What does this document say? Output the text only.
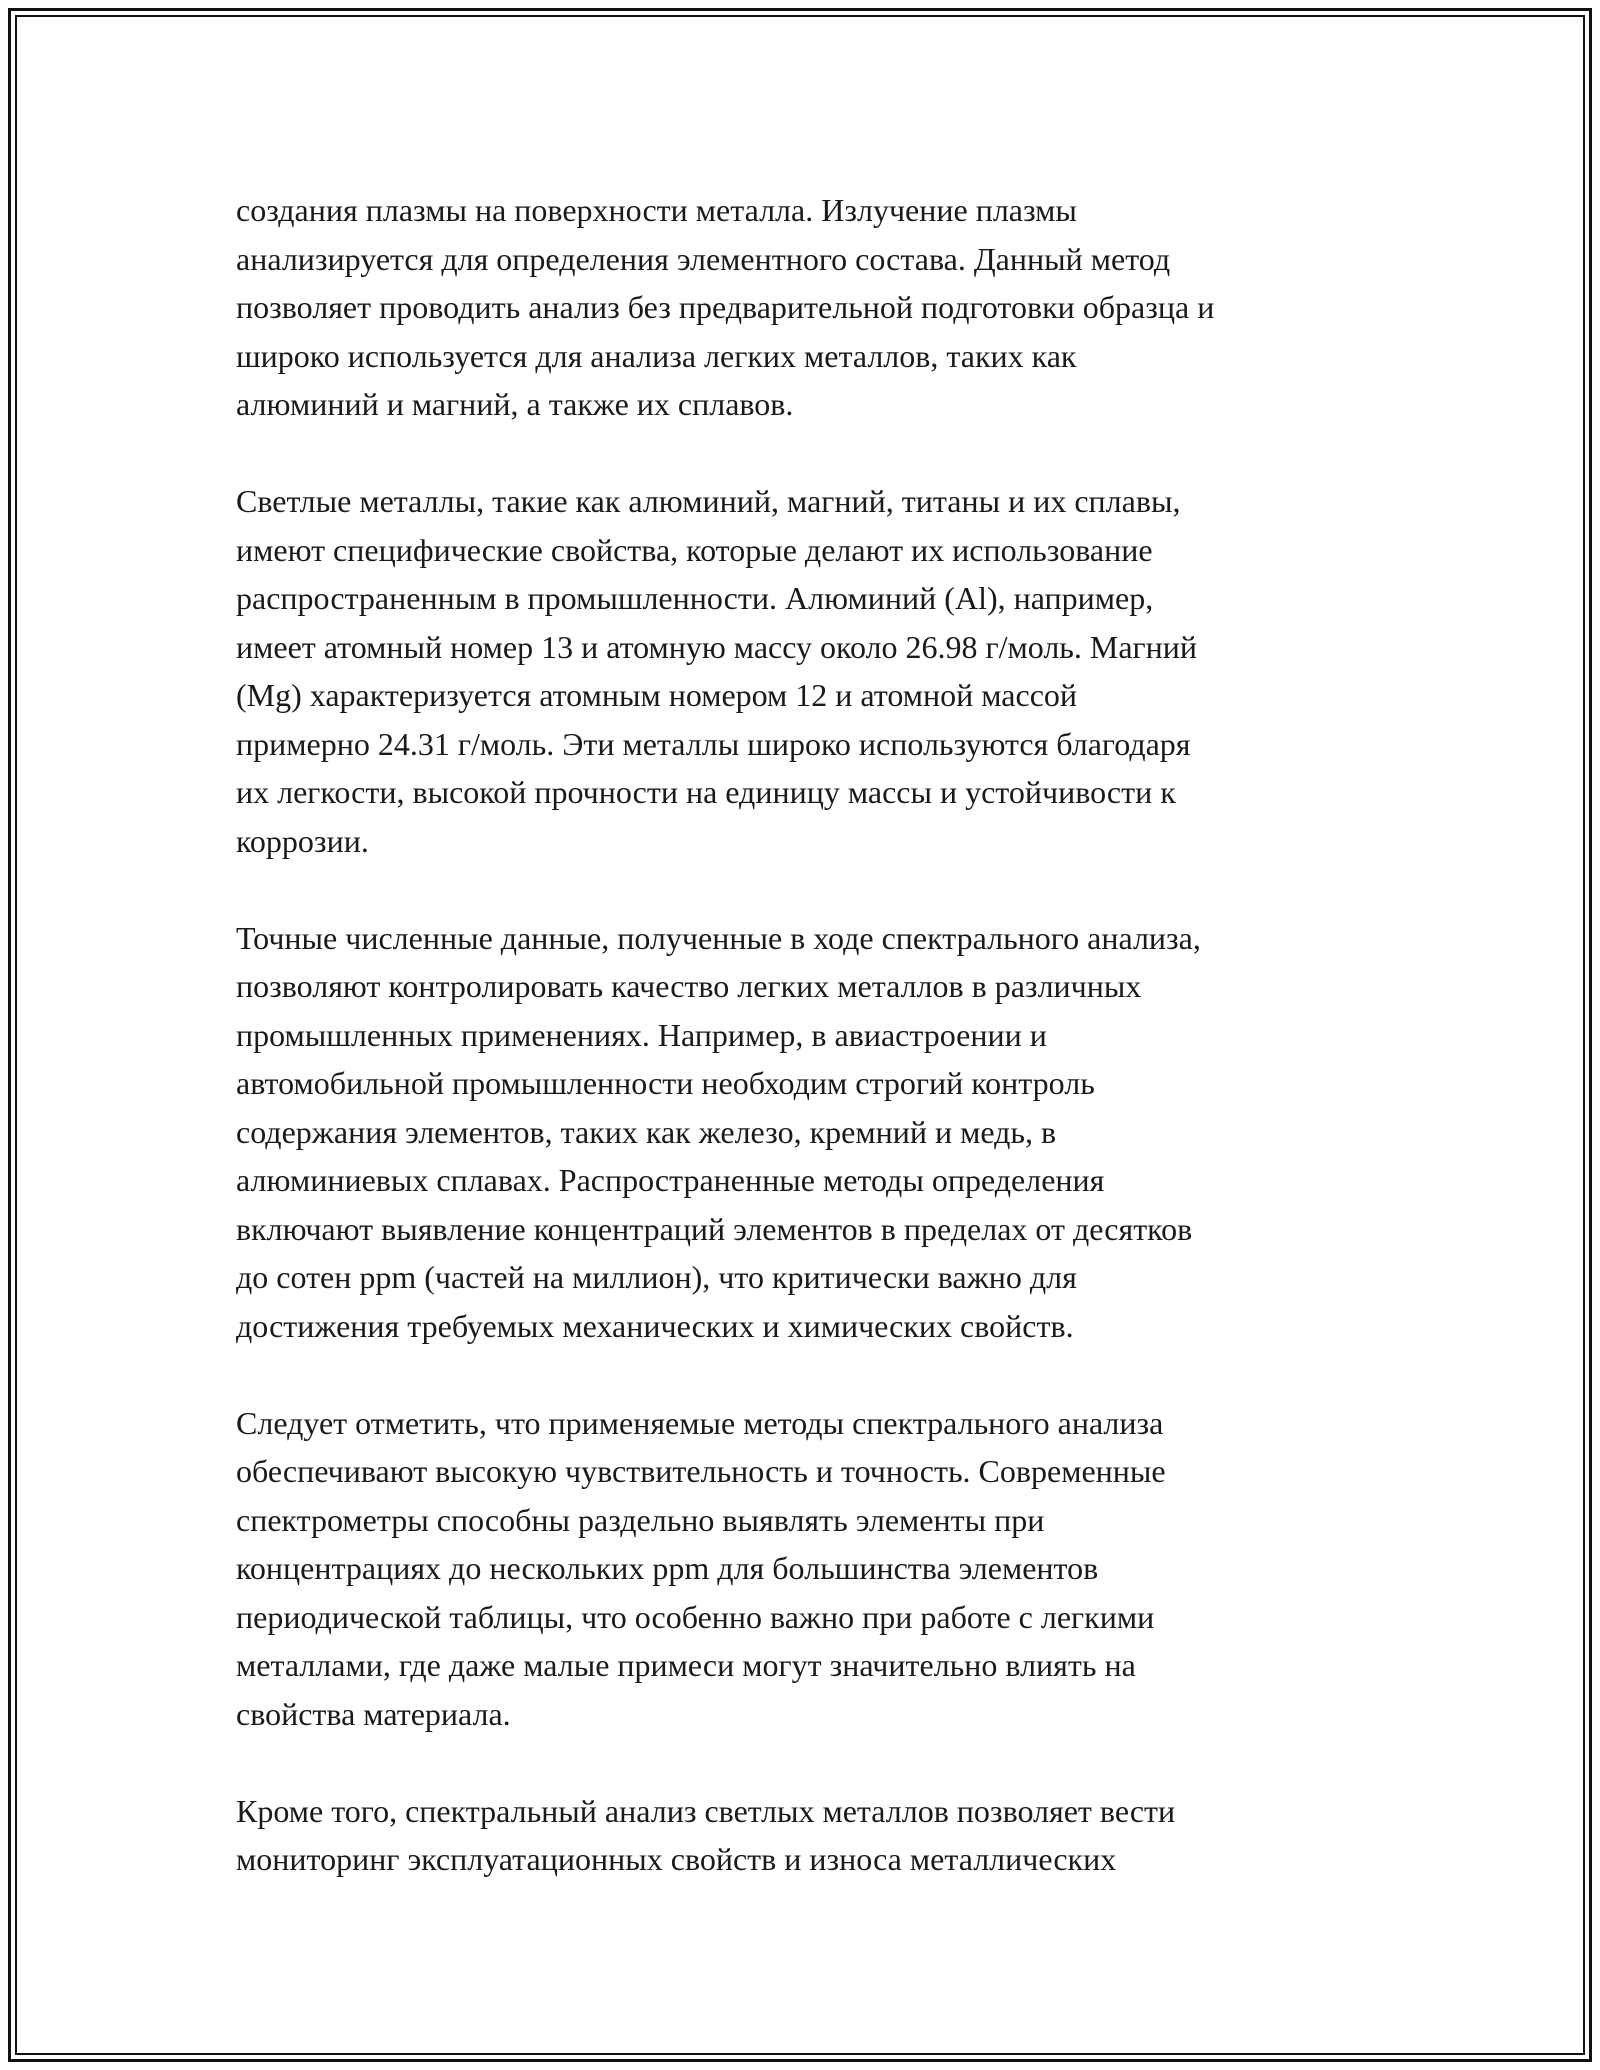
создания плазмы на поверхности металла. Излучение плазмы
анализируется для определения элементного состава. Данный метод
позволяет проводить анализ без предварительной подготовки образца и
широко используется для анализа легких металлов, таких как
алюминий и магний, а также их сплавов.

Светлые металлы, такие как алюминий, магний, титаны и их сплавы,
имеют специфические свойства, которые делают их использование
распространенным в промышленности. Алюминий (Al), например,
имеет атомный номер 13 и атомную массу около 26.98 г/моль. Магний
(Mg) характеризуется атомным номером 12 и атомной массой
примерно 24.31 г/моль. Эти металлы широко используются благодаря
их легкости, высокой прочности на единицу массы и устойчивости к
коррозии.

Точные численные данные, полученные в ходе спектрального анализа,
позволяют контролировать качество легких металлов в различных
промышленных применениях. Например, в авиастроении и
автомобильной промышленности необходим строгий контроль
содержания элементов, таких как железо, кремний и медь, в
алюминиевых сплавах. Распространенные методы определения
включают выявление концентраций элементов в пределах от десятков
до сотен ppm (частей на миллион), что критически важно для
достижения требуемых механических и химических свойств.

Следует отметить, что применяемые методы спектрального анализа
обеспечивают высокую чувствительность и точность. Современные
спектрометры способны раздельно выявлять элементы при
концентрациях до нескольких ppm для большинства элементов
периодической таблицы, что особенно важно при работе с легкими
металлами, где даже малые примеси могут значительно влиять на
свойства материала.

Кроме того, спектральный анализ светлых металлов позволяет вести
мониторинг эксплуатационных свойств и износа металлических
